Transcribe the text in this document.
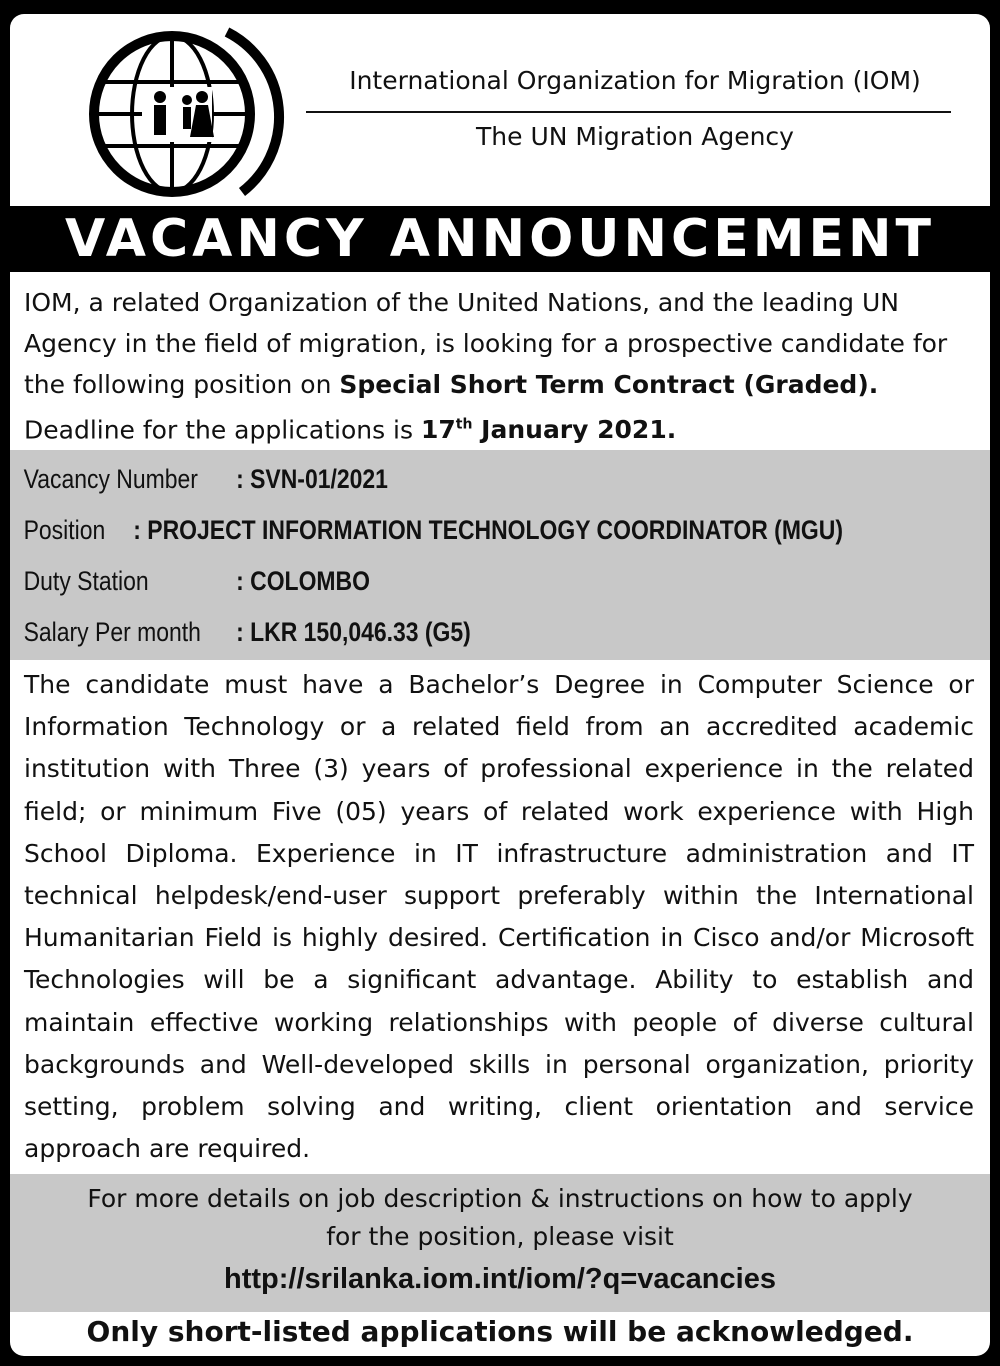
International Organization for Migration (IOM)
The UN Migration Agency
VACANCY ANNOUNCEMENT
IOM, a related Organization of the United Nations, and the leading UN Agency in the field of migration, is looking for a prospective candidate for the following position on Special Short Term Contract (Graded). Deadline for the applications is 17th January 2021.
Vacancy Number	: SVN-01/2021
Position	: PROJECT INFORMATION TECHNOLOGY COORDINATOR (MGU)
Duty Station	: COLOMBO
Salary Per month	: LKR 150,046.33 (G5)
The candidate must have a Bachelor’s Degree in Computer Science or Information Technology or a related field from an accredited academic institution with Three (3) years of professional experience in the related field; or minimum Five (05) years of related work experience with High School Diploma. Experience in IT infrastructure administration and IT technical helpdesk/end-user support preferably within the International Humanitarian Field is highly desired. Certification in Cisco and/or Microsoft Technologies will be a significant advantage. Ability to establish and maintain effective working relationships with people of diverse cultural backgrounds and Well-developed skills in personal organization, priority setting, problem solving and writing, client orientation and service approach are required.
For more details on job description & instructions on how to apply
for the position, please visit
http://srilanka.iom.int/iom/?q=vacancies
Only short-listed applications will be acknowledged.
